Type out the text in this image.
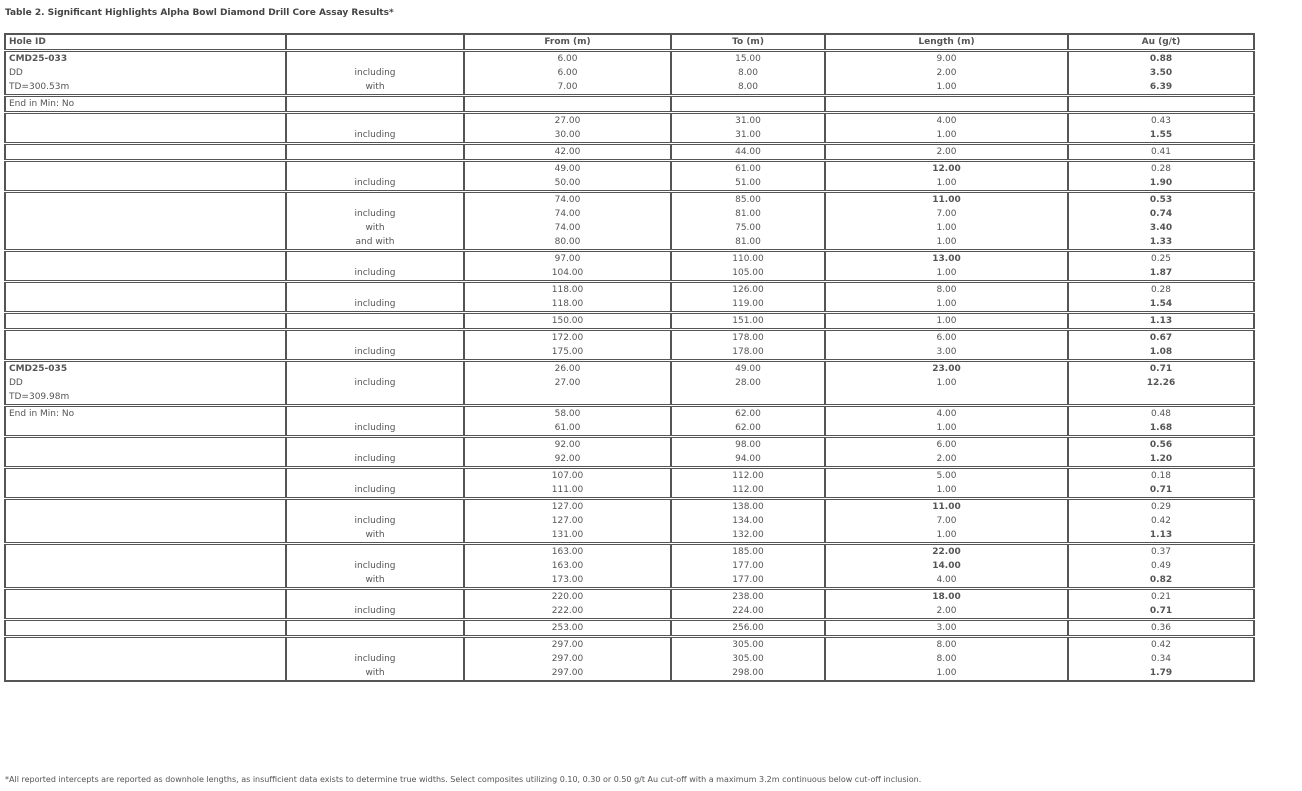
Table 2. Significant Highlights Alpha Bowl Diamond Drill Core Assay Results*
Hole ID		From (m)	To (m)	Length (m)	Au (g/t)
CMD25-033		6.00	15.00	9.00	0.88
DD	including	6.00	8.00	2.00	3.50
TD=300.53m	with	7.00	8.00	1.00	6.39
End in Min: No					
		27.00	31.00	4.00	0.43
	including	30.00	31.00	1.00	1.55
		42.00	44.00	2.00	0.41
		49.00	61.00	12.00	0.28
	including	50.00	51.00	1.00	1.90
		74.00	85.00	11.00	0.53
	including	74.00	81.00	7.00	0.74
	with	74.00	75.00	1.00	3.40
	and with	80.00	81.00	1.00	1.33
		97.00	110.00	13.00	0.25
	including	104.00	105.00	1.00	1.87
		118.00	126.00	8.00	0.28
	including	118.00	119.00	1.00	1.54
		150.00	151.00	1.00	1.13
		172.00	178.00	6.00	0.67
	including	175.00	178.00	3.00	1.08
CMD25-035		26.00	49.00	23.00	0.71
DD	including	27.00	28.00	1.00	12.26
TD=309.98m					
End in Min: No		58.00	62.00	4.00	0.48
	including	61.00	62.00	1.00	1.68
		92.00	98.00	6.00	0.56
	including	92.00	94.00	2.00	1.20
		107.00	112.00	5.00	0.18
	including	111.00	112.00	1.00	0.71
		127.00	138.00	11.00	0.29
	including	127.00	134.00	7.00	0.42
	with	131.00	132.00	1.00	1.13
		163.00	185.00	22.00	0.37
	including	163.00	177.00	14.00	0.49
	with	173.00	177.00	4.00	0.82
		220.00	238.00	18.00	0.21
	including	222.00	224.00	2.00	0.71
		253.00	256.00	3.00	0.36
		297.00	305.00	8.00	0.42
	including	297.00	305.00	8.00	0.34
	with	297.00	298.00	1.00	1.79
*All reported intercepts are reported as downhole lengths, as insufficient data exists to determine true widths. Select composites utilizing 0.10, 0.30 or 0.50 g/t Au cut-off with a maximum 3.2m continuous below cut-off inclusion.
